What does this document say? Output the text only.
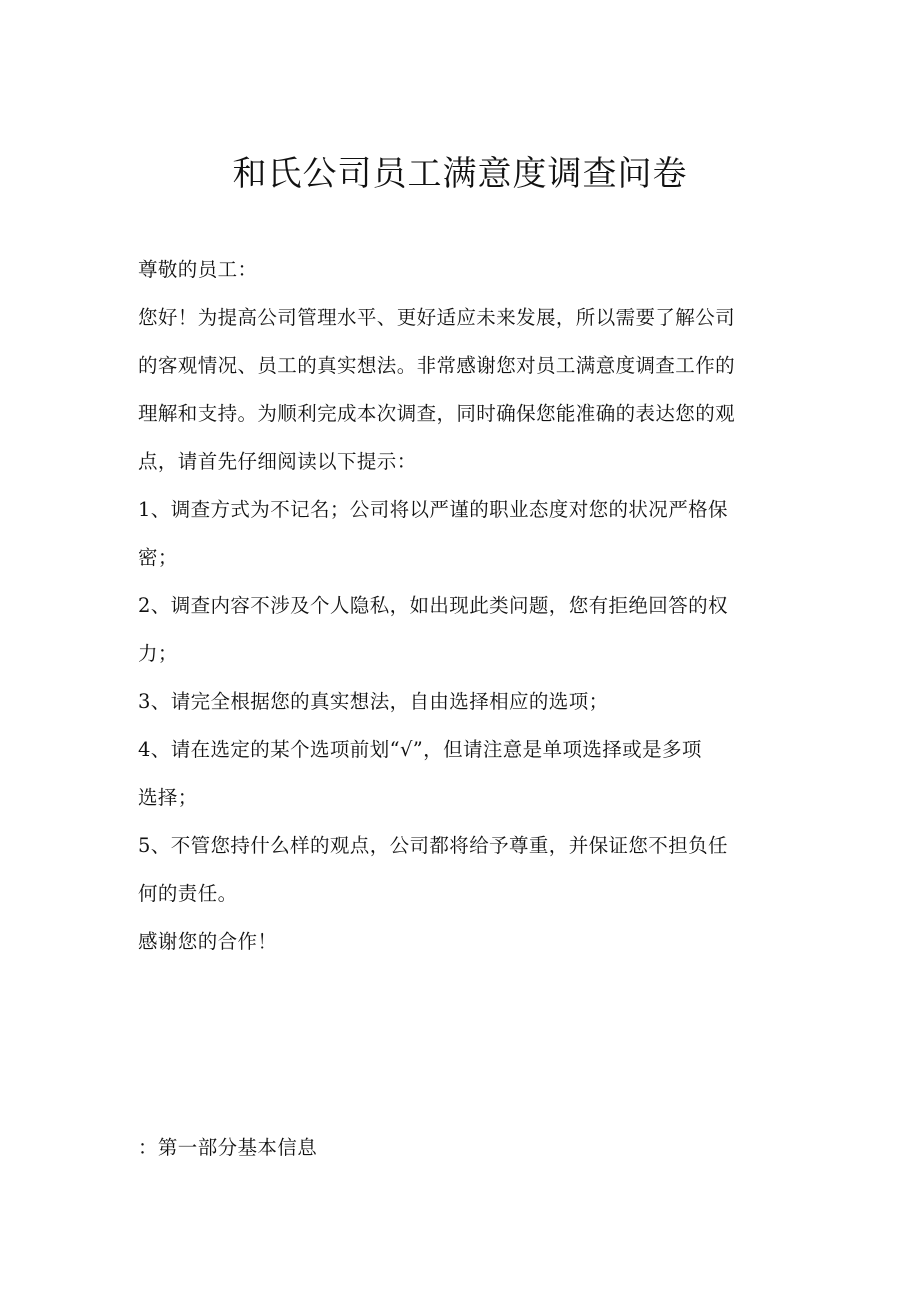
和氏公司员工满意度调查问卷
尊敬的员工：
您好！为提高公司管理水平、更好适应未来发展，所以需要了解公司
的客观情况、员工的真实想法。非常感谢您对员工满意度调查工作的
理解和支持。为顺利完成本次调查，同时确保您能准确的表达您的观
点，请首先仔细阅读以下提示：
1、调查方式为不记名；公司将以严谨的职业态度对您的状况严格保
密；
2、调查内容不涉及个人隐私，如出现此类问题，您有拒绝回答的权
力；
3、请完全根据您的真实想法，自由选择相应的选项；
4、请在选定的某个选项前划“√”，但请注意是单项选择或是多项
选择；
5、不管您持什么样的观点，公司都将给予尊重，并保证您不担负任
何的责任。
感谢您的合作！
：第一部分基本信息
